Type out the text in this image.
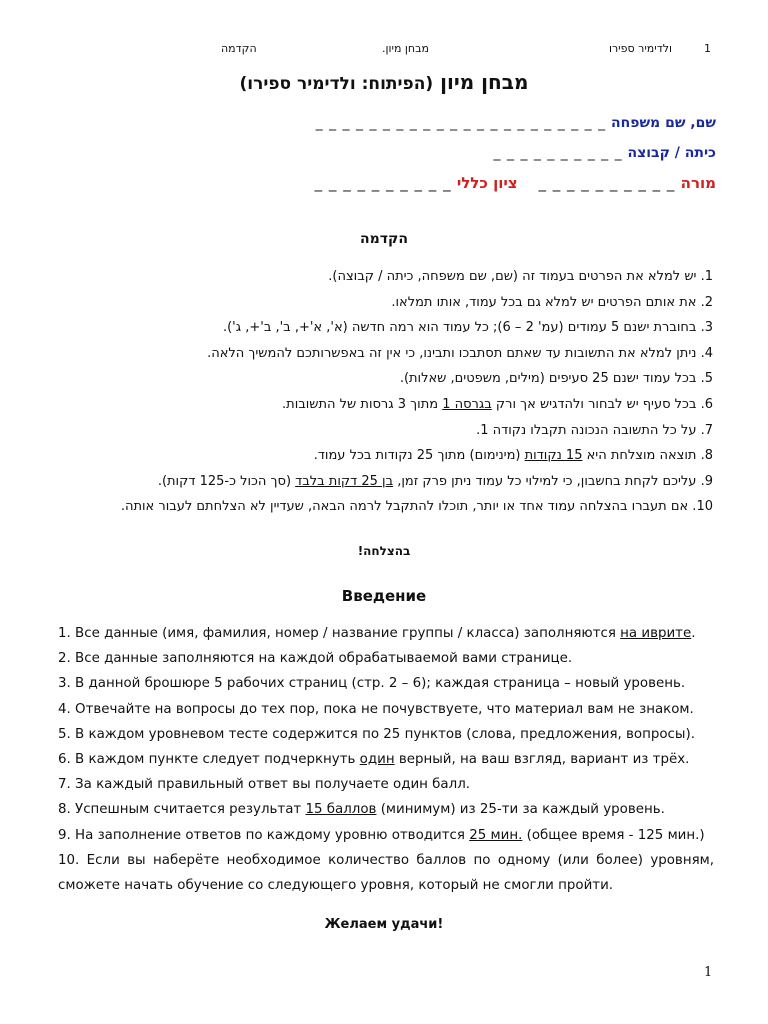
1
ולדימיר ספירו
מבחן מיון.
הקדמה
מבחן מיון (הפיתוח: ולדימיר ספירו)
שם, שם משפחה _ _ _ _ _ _ _ _ _ _ _ _ _ _ _ _ _ _ _ _ _ _
כיתה / קבוצה _ _ _ _ _ _ _ _ _ _
מורה _ _ _ _ _ _ _ _ _ _    ציון כללי _ _ _ _ _ _ _ _ _ _
הקדמה
1. יש למלא את הפרטים בעמוד זה (שם, שם משפחה, כיתה / קבוצה).
2. את אותם הפרטים יש למלא גם בכל עמוד, אותו תמלאו.
3. בחוברת ישנם 5 עמודים (עמ' 2 – 6); כל עמוד הוא רמה חדשה (א', א'+, ב', ב'+, ג').
4. ניתן למלא את התשובות עד שאתם תסתבכו ותבינו, כי אין זה באפשרותכם להמשיך הלאה.
5. בכל עמוד ישנם 25 סעיפים (מילים, משפטים, שאלות).
6. בכל סעיף יש לבחור ולהדגיש אך ורק בגרסה 1 מתוך 3 גרסות של התשובות.
7. על כל התשובה הנכונה תקבלו נקודה 1.
8. תוצאה מוצלחת היא 15 נקודות (מינימום) מתוך 25 נקודות בכל עמוד.
9. עליכם לקחת בחשבון, כי למילוי כל עמוד ניתן פרק זמן, בן 25 דקות בלבד (סך הכול כ-125 דקות).
10. אם תעברו בהצלחה עמוד אחד או יותר, תוכלו להתקבל לרמה הבאה, שעדיין לא הצלחתם לעבור אותה.
בהצלחה!
Введение
1. Все данные (имя, фамилия, номер / название группы / класса) заполняются на иврите.
2. Все данные заполняются на каждой обрабатываемой вами странице.
3. В данной брошюре 5 рабочих страниц (стр. 2 – 6); каждая страница – новый уровень.
4. Отвечайте на вопросы до тех пор, пока не почувствуете, что материал вам не знаком.
5. В каждом уровневом тесте содержится по 25 пунктов (слова, предложения, вопросы).
6. В каждом пункте следует подчеркнуть один верный, на ваш взгляд, вариант из трёх.
7. За каждый правильный ответ вы получаете один балл.
8. Успешным считается результат 15 баллов (минимум) из 25-ти за каждый уровень.
9. На заполнение ответов по каждому уровню отводится 25 мин. (общее время - 125 мин.)
10. Если вы наберёте необходимое количество баллов по одному (или более) уровням, сможете начать обучение со следующего уровня, который не смогли пройти.
Желаем удачи!
1
